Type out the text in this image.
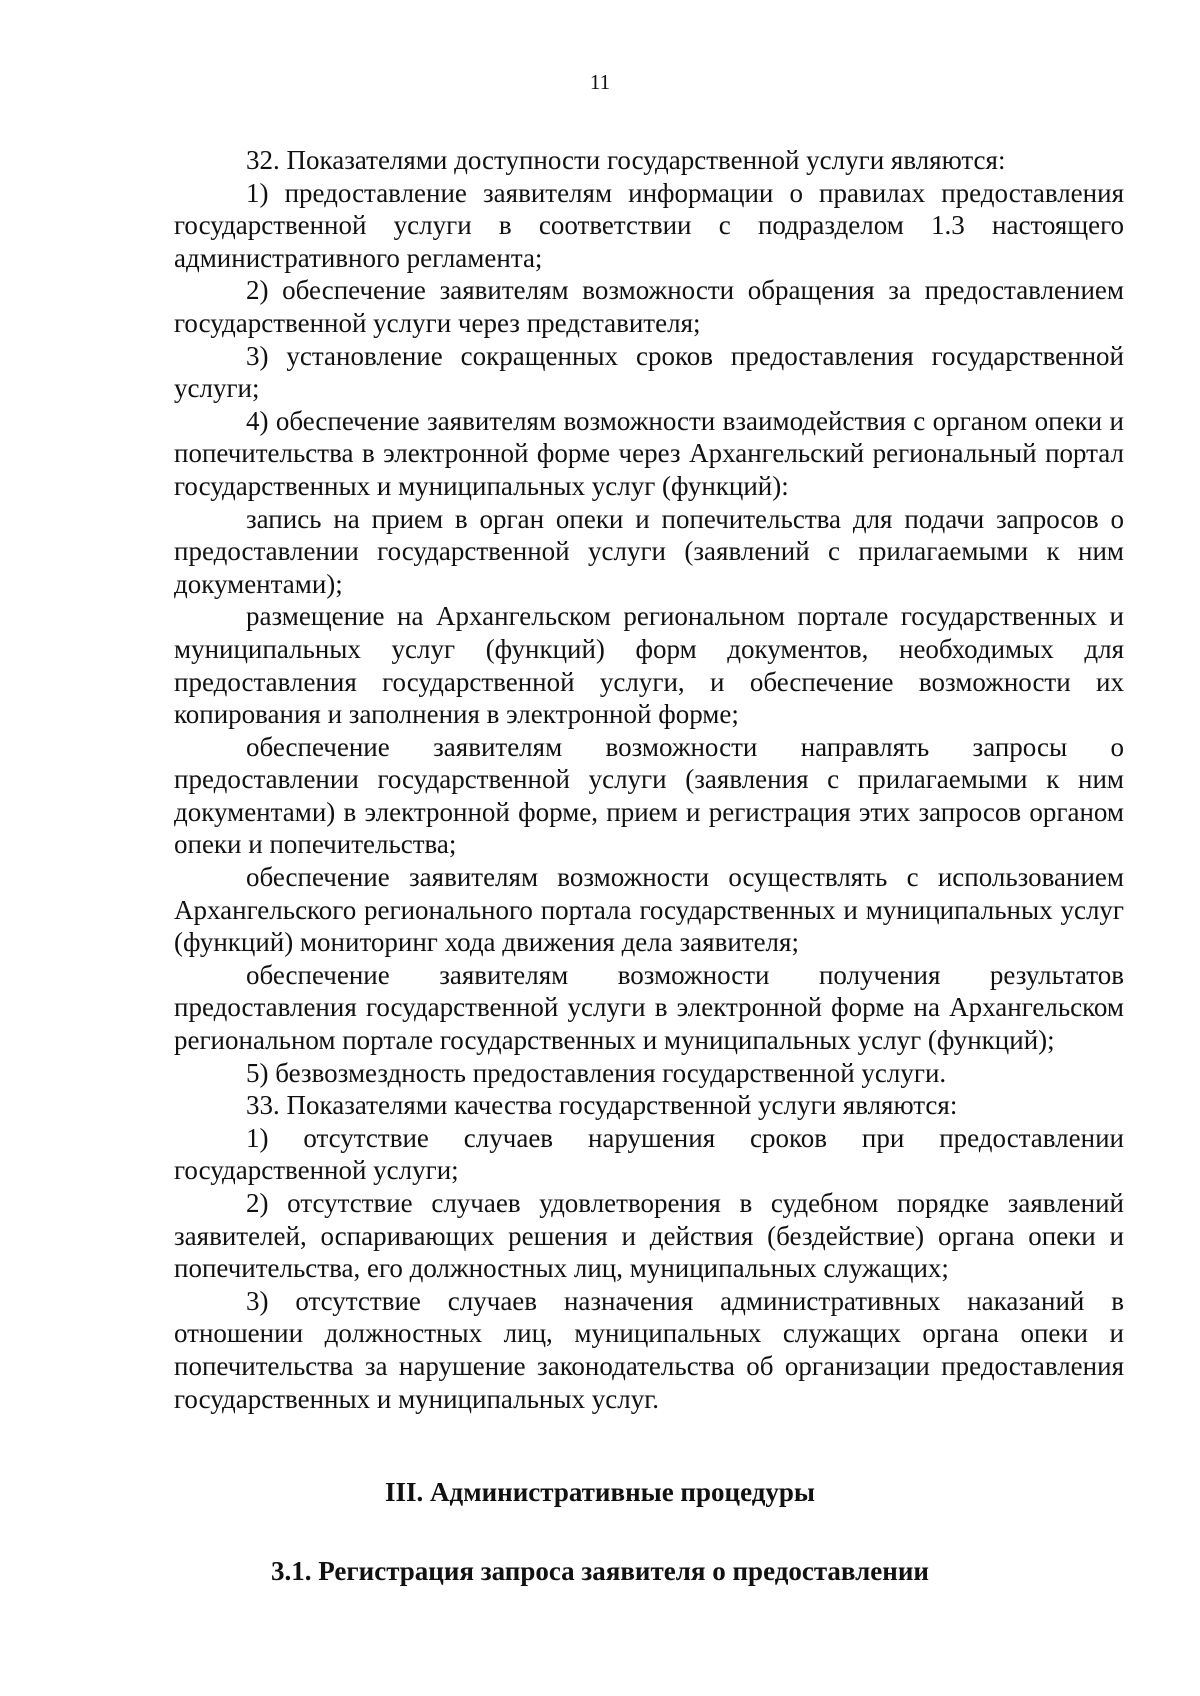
11

32. Показателями доступности государственной услуги являются:

1) предоставление заявителям информации о правилах предоставления государственной услуги в соответствии с подразделом 1.3 настоящего административного регламента;

2) обеспечение заявителям возможности обращения за предоставлением государственной услуги через представителя;

3) установление сокращенных сроков предоставления государственной услуги;

4) обеспечение заявителям возможности взаимодействия с органом опеки и попечительства в электронной форме через Архангельский региональный портал государственных и муниципальных услуг (функций):

запись на прием в орган опеки и попечительства для подачи запросов о предоставлении государственной услуги (заявлений с прилагаемыми к ним документами);

размещение на Архангельском региональном портале государственных и муниципальных услуг (функций) форм документов, необходимых для предоставления государственной услуги, и обеспечение возможности их копирования и заполнения в электронной форме;

обеспечение заявителям возможности направлять запросы о предоставлении государственной услуги (заявления с прилагаемыми к ним документами) в электронной форме, прием и регистрация этих запросов органом опеки и попечительства;

обеспечение заявителям возможности осуществлять с использованием Архангельского регионального портала государственных и муниципальных услуг (функций) мониторинг хода движения дела заявителя;

обеспечение заявителям возможности получения результатов предоставления государственной услуги в электронной форме на Архангельском региональном портале государственных и муниципальных услуг (функций);

5) безвозмездность предоставления государственной услуги.

33. Показателями качества государственной услуги являются:

1) отсутствие случаев нарушения сроков при предоставлении государственной услуги;

2) отсутствие случаев удовлетворения в судебном порядке заявлений заявителей, оспаривающих решения и действия (бездействие) органа опеки и попечительства, его должностных лиц, муниципальных служащих;

3) отсутствие случаев назначения административных наказаний в отношении должностных лиц, муниципальных служащих органа опеки и попечительства за нарушение законодательства об организации предоставления государственных и муниципальных услуг.

III. Административные процедуры
3.1. Регистрация запроса заявителя о предоставлении
